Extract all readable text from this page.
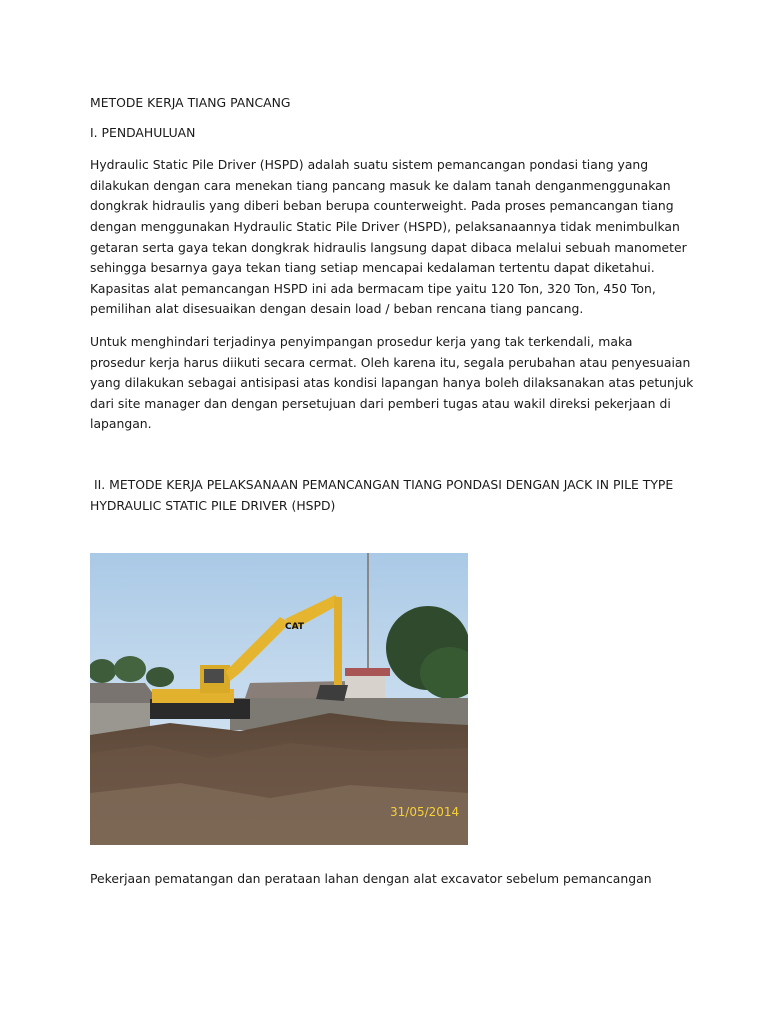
METODE KERJA TIANG PANCANG

I. PENDAHULUAN

Hydraulic Static Pile Driver (HSPD) adalah suatu sistem pemancangan pondasi tiang yang

dilakukan dengan cara menekan tiang pancang masuk ke dalam tanah denganmenggunakan

dongkrak hidraulis yang diberi beban berupa counterweight. Pada proses pemancangan tiang

dengan menggunakan Hydraulic Static Pile Driver (HSPD), pelaksanaannya tidak menimbulkan

getaran serta gaya tekan dongkrak hidraulis langsung dapat dibaca melalui sebuah manometer

sehingga besarnya gaya tekan tiang setiap mencapai kedalaman tertentu dapat diketahui.

Kapasitas alat pemancangan HSPD ini ada bermacam tipe yaitu 120 Ton, 320 Ton, 450 Ton,

pemilihan alat disesuaikan dengan desain load / beban rencana tiang pancang.

Untuk menghindari terjadinya penyimpangan prosedur kerja yang tak terkendali, maka

prosedur kerja harus diikuti secara cermat. Oleh karena itu, segala perubahan atau penyesuaian

yang dilakukan sebagai antisipasi atas kondisi lapangan hanya boleh dilaksanakan atas petunjuk

dari site manager dan dengan persetujuan dari pemberi tugas atau wakil direksi pekerjaan di

lapangan.

II. METODE KERJA PELAKSANAAN PEMANCANGAN TIANG PONDASI DENGAN JACK IN PILE TYPE

HYDRAULIC STATIC PILE DRIVER (HSPD)

CAT
31/05/2014

Pekerjaan pematangan dan perataan lahan dengan alat excavator sebelum pemancangan
